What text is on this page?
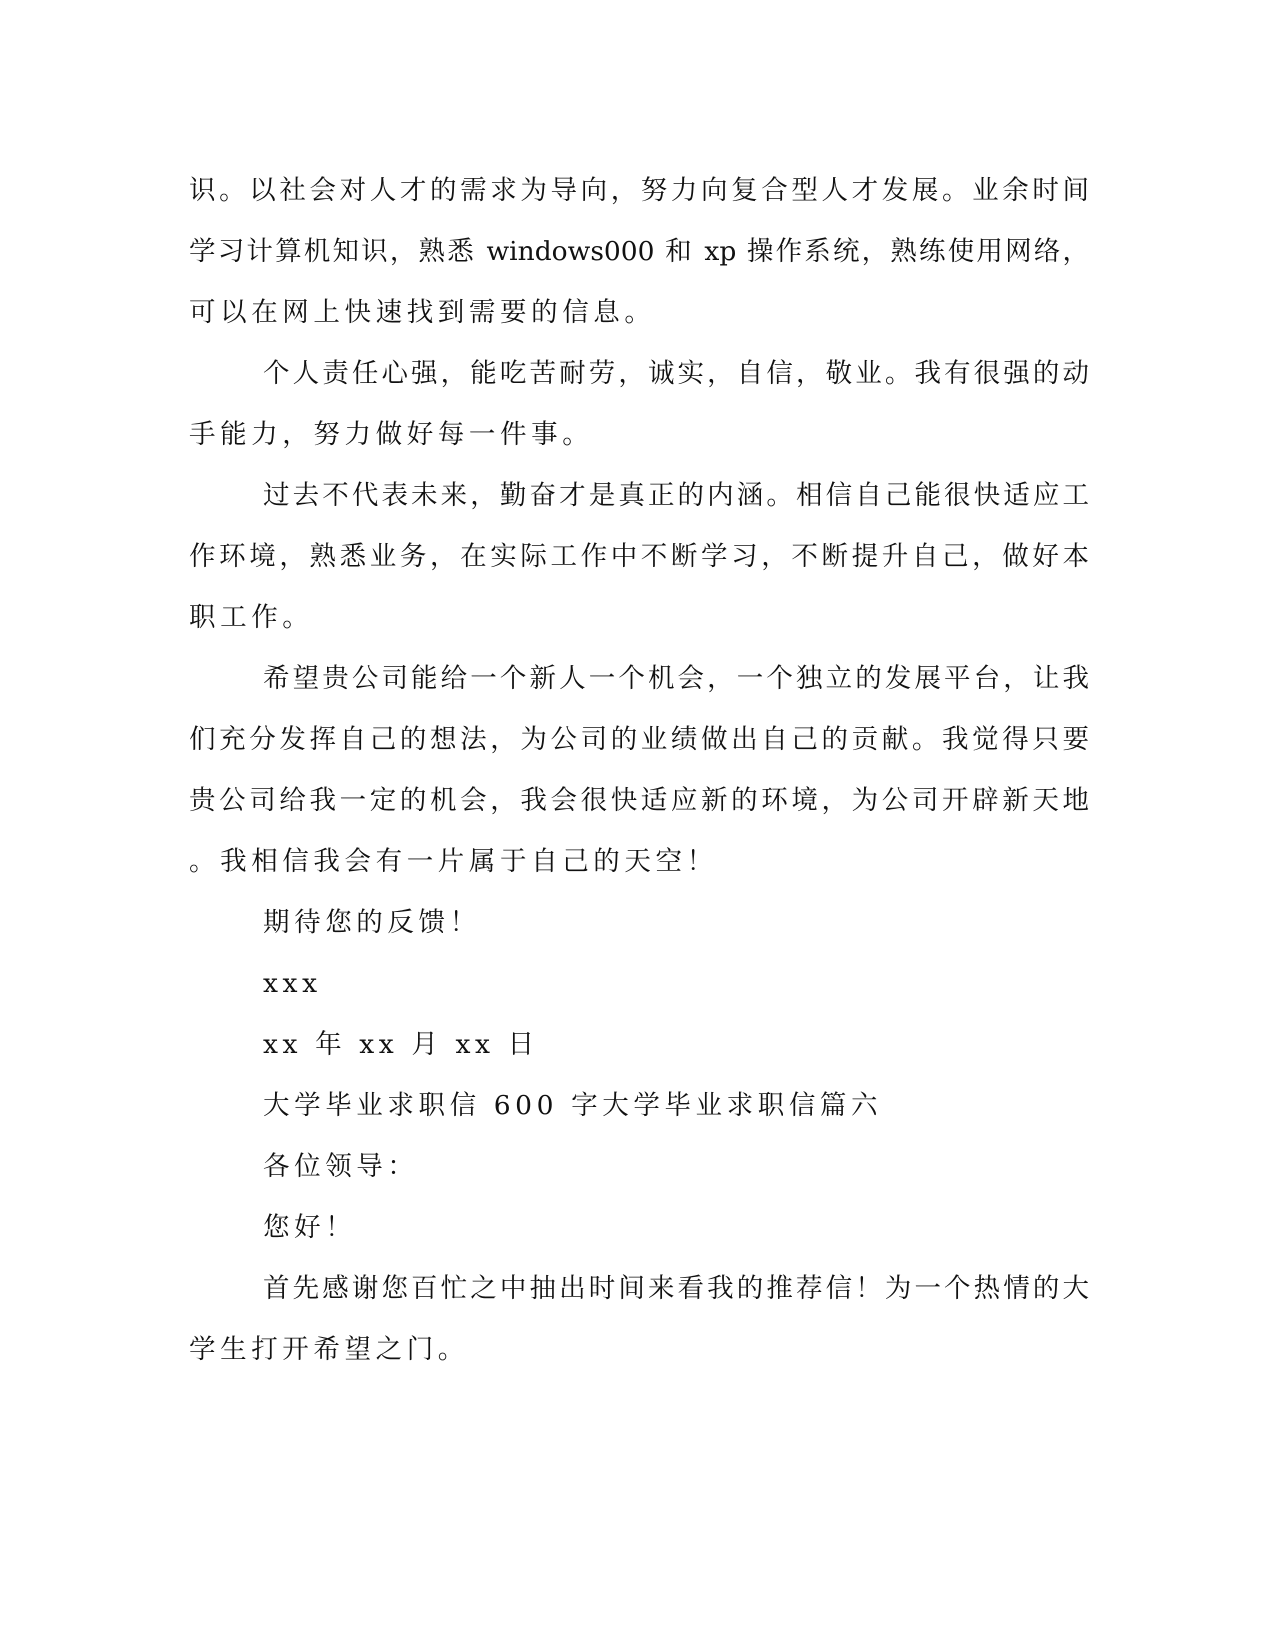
识。以社会对人才的需求为导向，努力向复合型人才发展。业余时间
学习计算机知识，熟悉 windows000 和 xp 操作系统，熟练使用网络，
可以在网上快速找到需要的信息。
个人责任心强，能吃苦耐劳，诚实，自信，敬业。我有很强的动
手能力，努力做好每一件事。
过去不代表未来，勤奋才是真正的内涵。相信自己能很快适应工
作环境，熟悉业务，在实际工作中不断学习，不断提升自己，做好本
职工作。
希望贵公司能给一个新人一个机会，一个独立的发展平台，让我
们充分发挥自己的想法，为公司的业绩做出自己的贡献。我觉得只要
贵公司给我一定的机会，我会很快适应新的环境，为公司开辟新天地
。我相信我会有一片属于自己的天空！
期待您的反馈！
xxx
xx 年 xx 月 xx 日
大学毕业求职信 600 字大学毕业求职信篇六
各位领导：
您好！
首先感谢您百忙之中抽出时间来看我的推荐信！为一个热情的大
学生打开希望之门。
